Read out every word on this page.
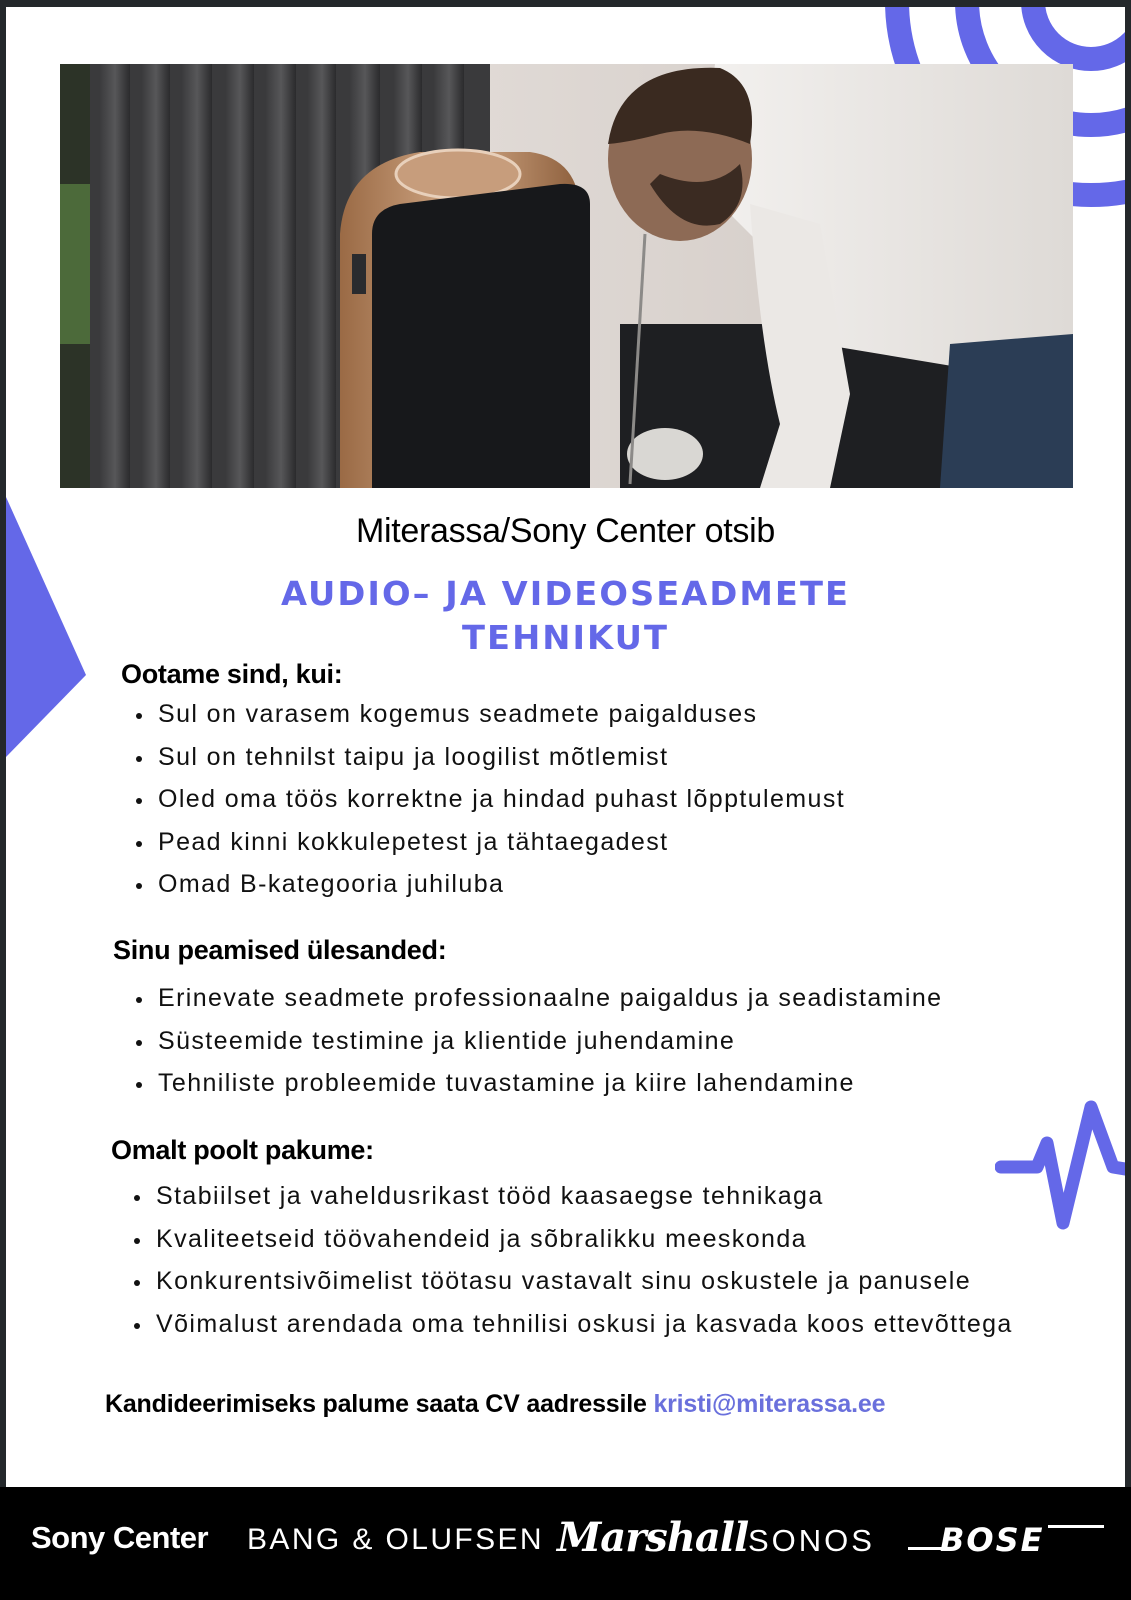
Miterassa/Sony Center otsib
AUDIO– JA VIDEOSEADMETE
TEHNIKUT
Ootame sind, kui:
Sul on varasem kogemus seadmete paigalduses
Sul on tehnilst taipu ja loogilist mõtlemist
Oled oma töös korrektne ja hindad puhast lõpptulemust
Pead kinni kokkulepetest ja tähtaegadest
Omad B-kategooria juhiluba
Sinu peamised ülesanded:
Erinevate seadmete professionaalne paigaldus ja seadistamine
Süsteemide testimine ja klientide juhendamine
Tehniliste probleemide tuvastamine ja kiire lahendamine
Omalt poolt pakume:
Stabiilset ja vaheldusrikast tööd kaasaegse tehnikaga
Kvaliteetseid töövahendeid ja sõbralikku meeskonda
Konkurentsivõimelist töötasu vastavalt sinu oskustele ja panusele
Võimalust arendada oma tehnilisi oskusi ja kasvada koos ettevõttega
Kandideerimiseks palume saata CV aadressile kristi@miterassa.ee
Sony Center BANG & OLUFSEN Marshall SONOS BOSE
